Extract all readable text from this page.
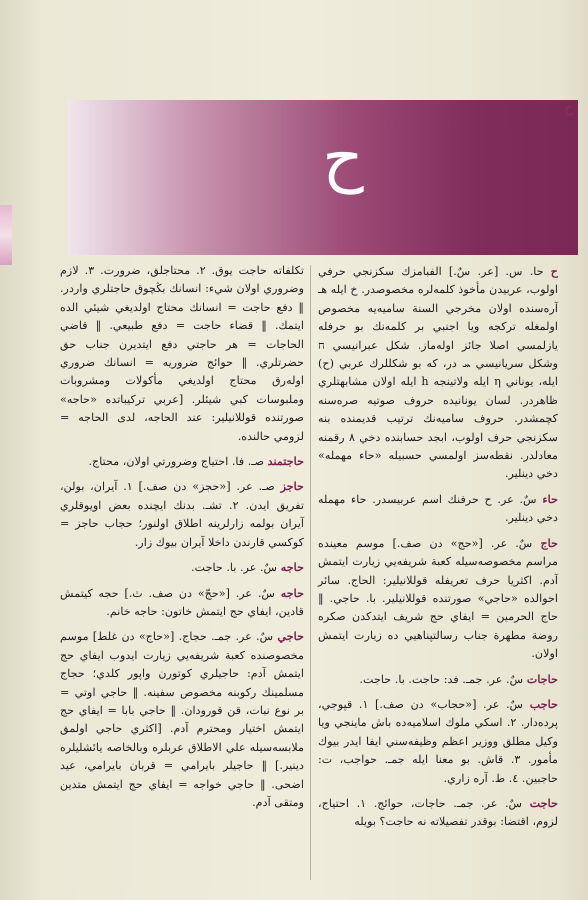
ح
ح
ح حا. س. [عر. سٌ.] الفبامزك سكزنجي حرفي اولوب، عربيدن مأخوذ كلمەلره مخصوصدر. خ ايله هـ آرەسنده اولان مخرجي السنة ساميەيە مخصوص اولمغله تركجه ويا اجنبي بر كلمەنك بو حرفله يازلمسي اصلا جائز اولەماز. شكل عبرانيسي ח وشكل سريانيسي ܚ در، كه بو شكللرك عربي (ح) ايله، يوناني η ايله ولاتينجه h ايله اولان مشابهتلري ظاهردر. لسان يونانيده حروف صوتيه صرەسنه كچمشدر. حروف ساميەنك ترتيب قديمنده بنه سكزنجي حرف اولوب، ابجد حسابنده دخي ٨ رقمنه معادلدر. نقطەسز اولمسي حسبيله «حاء مهمله» دخي دينلير.
حاء سٌ. عر. ح حرفنك اسم عربيسدر. حاء مهمله دخي دينلير.
حاج سٌ. عر. [«حج» دن صف.] موسم معينده مراسم مخصوصەسيله كعبة شريفەيي زيارت ايتمش آدم. اكثريا حرف تعريفله قوللانيلير: الحاج. سائر احوالده «حاجي» صورتنده قوللانيلير. با. حاجي. ‖ حاج الحرمين = ايفاي حج شريف ايتدكدن صكره روضة مطهرة جناب رسالتپناهيي ده زيارت ايتمش اولان.
حاجات سٌ. عر. جمـ. فد: حاجت. با. حاجت.
حاجب سٌ. عر. [«حجاب» دن صف.] ١. قپوجي، پردەدار. ٢. اسكي ملوك اسلاميەده باش ماينجي ويا وكيل مطلق ووزير اعظم وظيفەسني ايفا ايدر بيوك مأمور. ٣. قاش. بو معنا ايله جمـ. حواجب، ت: حاجبين. ٤. ط. آره زاري.
حاجت سٌ. عر. جمـ. حاجات، حوائج. ١. احتياج، لزوم، اقتضا: بوقدر تفصيلاته نه حاجت؟ بويله
تكلفاته حاجت يوق. ٢. محتاجلق، ضرورت. ٣. لازم وضروري اولان شيء: انسانك بڭچوق حاجتلري واردر. ‖ دفع حاجت = انسانك محتاج اولديغي شيئي الده ايتمك. ‖ قضاء حاجت = دفع طبيعي. ‖ قاضي الحاجات = هر حاجتي دفع ايتديرن جناب حق حضرتلري. ‖ حوائج ضروريه = انسانك ضروري اولەرق محتاج اولديغي مأكولات ومشروبات وملبوسات كبي شيئلر. [عربي تركيباتده «حاجه» صورتنده قوللانيلير: عند الحاجه، لدى الحاجه = لزومي حالنده.
حاجتمند صـ. فا. احتياج وضرورتي اولان، محتاج.
حاجز صـ. عر. [«حجز» دن صف.] ١. آيران، بولن، تفريق ايدن. ٢. تشـ. بدنك ايچنده بعض اويوقلري آيران بولمه زارلرينه اطلاق اولنور؛ حجاب حاجز = كوكسي قارندن داخلا آيران بيوك زار.
حاجه سٌ. عر. با. حاجت.
حاجه سٌ. عر. [«حجّ» دن صف. ث.] حجه كيتمش قادين، ايفاي حج ايتمش خاتون: حاجه خانم.
حاجي سٌ. عر. جمـ. حجاج. [«حاج» دن غلط] موسم مخصوصنده كعبة شريفەيي زيارت ايدوب ايفاي حج ايتمش آدم: حاجيلري كوتورن واپور كلدي؛ حجاج مسلمينك ركوبنه مخصوص سفينه. ‖ حاجي اوتي = بر نوع نبات، قن قورودان. ‖ حاجي بابا = ايفاي حج ايتمش اختيار ومحترم آدم. [اكثري حاجي اولمق ملابسەسيله علي الاطلاق عربلره وبالخاصه يائشليلره دينير.] ‖ حاجيلر بايرامي = قربان بايرامي، عيد اضحى. ‖ حاجي خواجه = ايفاي حج ايتمش متدين ومتقى آدم.
